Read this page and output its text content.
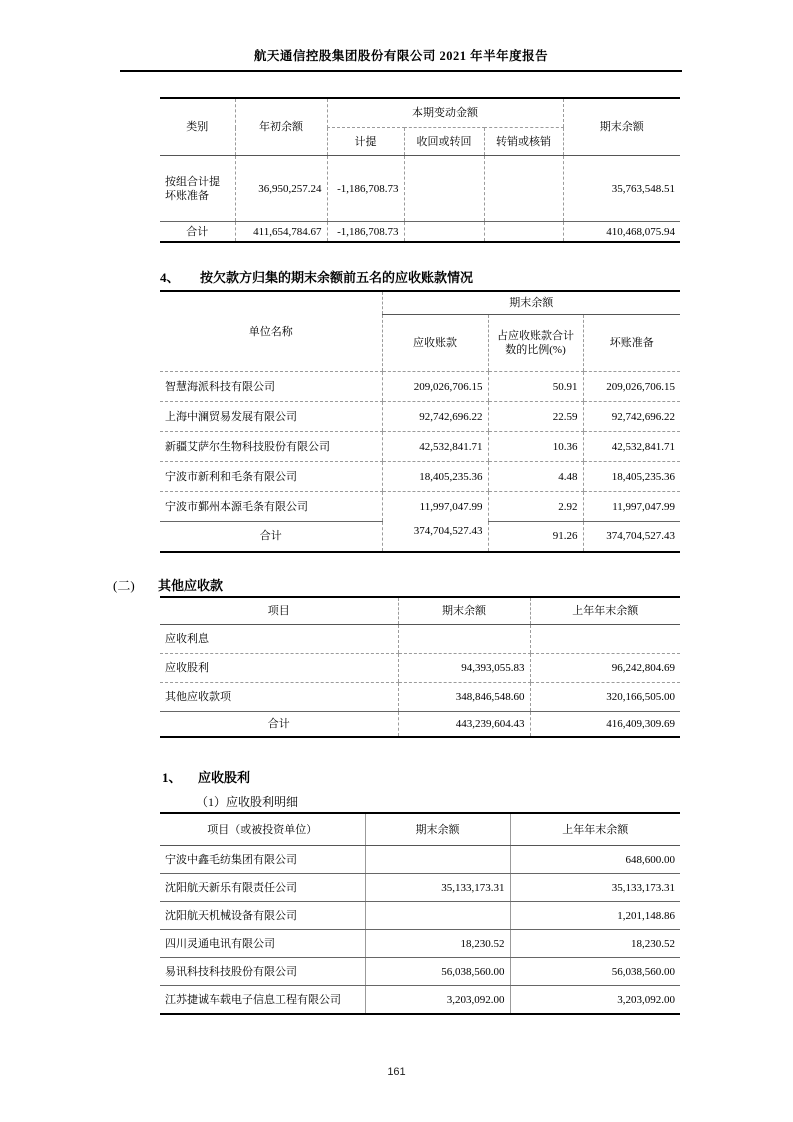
航天通信控股集团股份有限公司 2021 年半年度报告
类别	年初余额	本期变动金额			期末余额
		计提	收回或转回	转销或核销	
按组合计提坏账准备	36,950,257.24	-1,186,708.73			35,763,548.51
合计	411,654,784.67	-1,186,708.73			410,468,075.94
4、 按欠款方归集的期末余额前五名的应收账款情况
单位名称	期末余额		
	应收账款	占应收账款合计数的比例(%)	坏账准备
智慧海派科技有限公司	209,026,706.15	50.91	209,026,706.15
上海中澜贸易发展有限公司	92,742,696.22	22.59	92,742,696.22
新疆艾萨尔生物科技股份有限公司	42,532,841.71	10.36	42,532,841.71
宁波市新利和毛条有限公司	18,405,235.36	4.48	18,405,235.36
宁波市鄞州本源毛条有限公司	11,997,047.99	2.92	11,997,047.99
合计	374,704,527.43	91.26	374,704,527.43
(二) 其他应收款
项目	期末余额	上年年末余额
应收利息		
应收股利	94,393,055.83	96,242,804.69
其他应收款项	348,846,548.60	320,166,505.00
合计	443,239,604.43	416,409,309.69
1、 应收股利
（1）应收股利明细
项目（或被投资单位）	期末余额	上年年末余额
宁波中鑫毛纺集团有限公司		648,600.00
沈阳航天新乐有限责任公司	35,133,173.31	35,133,173.31
沈阳航天机械设备有限公司		1,201,148.86
四川灵通电讯有限公司	18,230.52	18,230.52
易讯科技科技股份有限公司	56,038,560.00	56,038,560.00
江苏捷诚车载电子信息工程有限公司	3,203,092.00	3,203,092.00
161
